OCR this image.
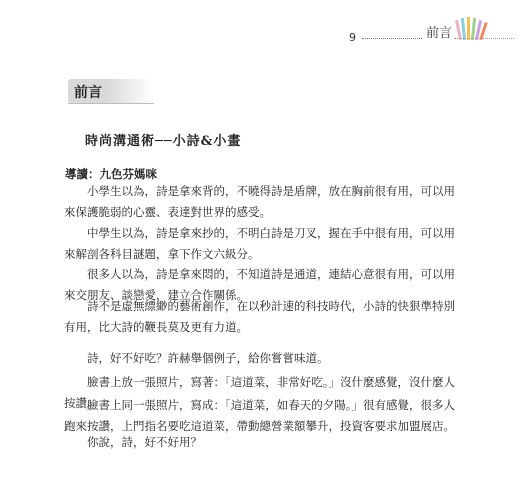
9	前言
前言
時尚溝通術──小詩&小畫
導讀：九色芬媽咪

小學生以為，詩是拿來背的，不曉得詩是盾牌，放在胸前很有用，可以用來保護脆弱的心靈、表達對世界的感受。

中學生以為，詩是拿來抄的，不明白詩是刀叉，握在手中很有用，可以用來解剖各科目謎題，拿下作文六級分。

很多人以為，詩是拿來悶的，不知道詩是通道，連結心意很有用，可以用來交朋友、談戀愛，建立合作關係。

詩不是虛無縹緲的藝術創作，在以秒計速的科技時代，小詩的快狠準特別有用，比大詩的鞭長莫及更有力道。

詩，好不好吃？許赫舉個例子，給你嘗嘗味道。

臉書上放一張照片，寫著：「這道菜，非常好吃。」沒什麼感覺，沒什麼人按讚。

臉書上同一張照片，寫成：「這道菜，如春天的夕陽。」很有感覺，很多人跑來按讚，上門指名要吃這道菜，帶動總營業額攀升，投資客要求加盟展店。

你說，詩，好不好用？
